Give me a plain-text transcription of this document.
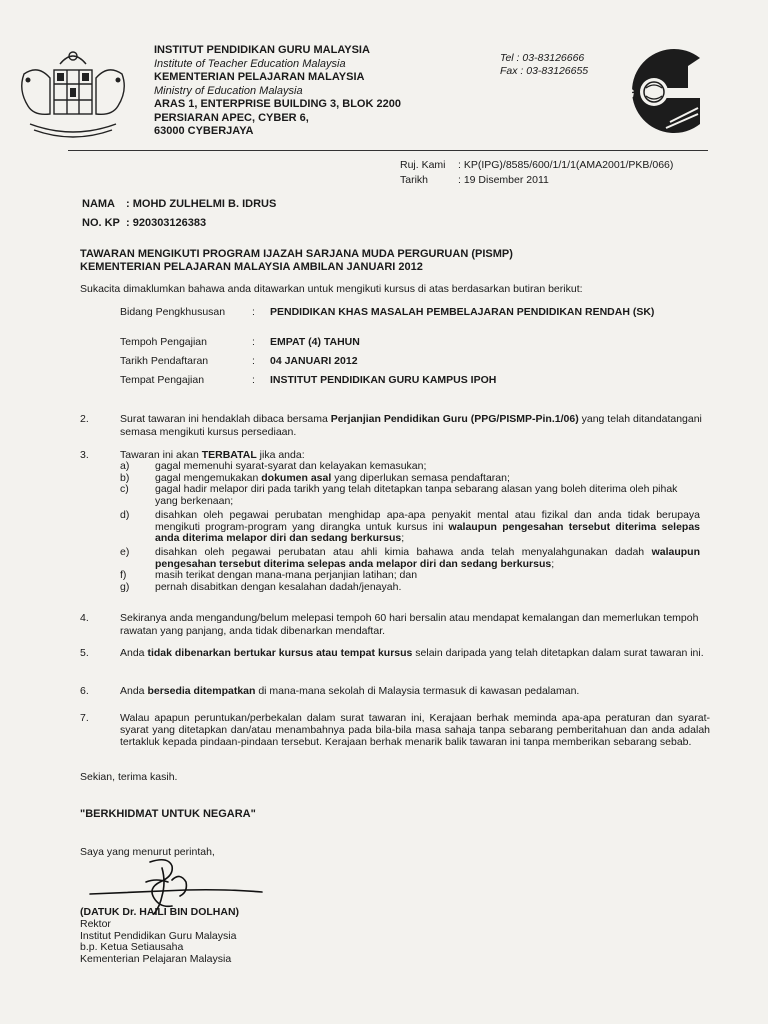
INSTITUT PENDIDIKAN GURU MALAYSIA
Institute of Teacher Education Malaysia
KEMENTERIAN PELAJARAN MALAYSIA
Ministry of Education Malaysia
ARAS 1, ENTERPRISE BUILDING 3, BLOK 2200
PERSIARAN APEC, CYBER 6,
63000 CYBERJAYA
Tel : 03-83126666
Fax : 03-83126655
IPG
Ruj. Kami	: KP(IPG)/8585/600/1/1/1(AMA2001/PKB/066)
Tarikh	: 19 Disember 2011
NAMA	: MOHD ZULHELMI B. IDRUS
NO. KP	: 920303126383
TAWARAN MENGIKUTI PROGRAM IJAZAH SARJANA MUDA PERGURUAN (PISMP)
KEMENTERIAN PELAJARAN MALAYSIA AMBILAN JANUARI 2012
Sukacita dimaklumkan bahawa anda ditawarkan untuk mengikuti kursus di atas berdasarkan butiran berikut:
Bidang Pengkhususan	:	PENDIDIKAN KHAS MASALAH PEMBELAJARAN PENDIDIKAN RENDAH (SK)
Tempoh Pengajian	:	EMPAT (4) TAHUN
Tarikh Pendaftaran	:	04 JANUARI 2012
Tempat Pengajian	:	INSTITUT PENDIDIKAN GURU KAMPUS IPOH
2.	Surat tawaran ini hendaklah dibaca bersama Perjanjian Pendidikan Guru (PPG/PISMP-Pin.1/06) yang telah ditandatangani semasa mengikuti kursus persediaan.
3.	Tawaran ini akan TERBATAL jika anda:
a) gagal memenuhi syarat-syarat dan kelayakan kemasukan;
b) gagal mengemukakan dokumen asal yang diperlukan semasa pendaftaran;
c)	gagal hadir melapor diri pada tarikh yang telah ditetapkan tanpa sebarang alasan yang boleh diterima oleh pihak yang berkenaan;
d) disahkan oleh pegawai perubatan menghidap apa-apa penyakit mental atau fizikal dan anda tidak berupaya mengikuti program-program yang dirangka untuk kursus ini walaupun pengesahan tersebut diterima selepas anda diterima melapor diri dan sedang berkursus;
e) disahkan oleh pegawai perubatan atau ahli kimia bahawa anda telah menyalahgunakan dadah walaupun pengesahan tersebut diterima selepas anda melapor diri dan sedang berkursus;
f)	masih terikat dengan mana-mana perjanjian latihan; dan
g) pernah disabitkan dengan kesalahan dadah/jenayah.
4.	Sekiranya anda mengandung/belum melepasi tempoh 60 hari bersalin atau mendapat kemalangan dan memerlukan tempoh rawatan yang panjang, anda tidak dibenarkan mendaftar.
5.	Anda tidak dibenarkan bertukar kursus atau tempat kursus selain daripada yang telah ditetapkan dalam surat tawaran ini.
6.	Anda bersedia ditempatkan di mana-mana sekolah di Malaysia termasuk di kawasan pedalaman.
7.	Walau apapun peruntukan/perbekalan dalam surat tawaran ini, Kerajaan berhak meminda apa-apa peraturan dan syarat-syarat yang ditetapkan dan/atau menambahnya pada bila-bila masa sahaja tanpa sebarang pemberitahuan dan anda adalah tertakluk kepada pindaan-pindaan tersebut. Kerajaan berhak menarik balik tawaran ini tanpa memberikan sebarang sebab.
Sekian, terima kasih.
"BERKHIDMAT UNTUK NEGARA"
Saya yang menurut perintah,
(DATUK Dr. HAILI BIN DOLHAN)
Rektor
Institut Pendidikan Guru Malaysia
b.p. Ketua Setiausaha
Kementerian Pelajaran Malaysia
